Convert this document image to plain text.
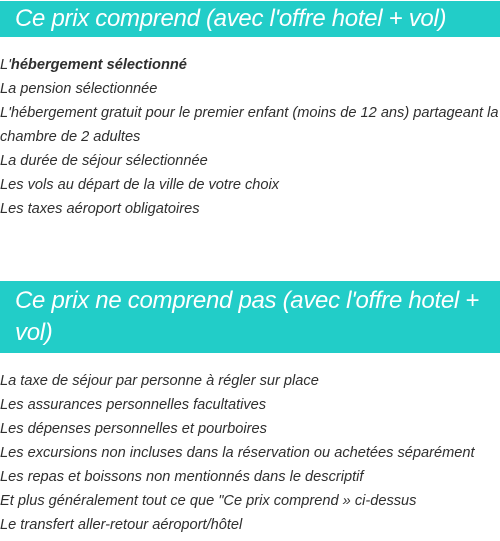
Ce prix comprend (avec l'offre hotel + vol)
L'hébergement sélectionné
La pension sélectionnée
L'hébergement gratuit pour le premier enfant (moins de 12 ans) partageant la chambre de 2 adultes
La durée de séjour sélectionnée
Les vols au départ de la ville de votre choix
Les taxes aéroport obligatoires
Ce prix ne comprend pas (avec l'offre hotel + vol)
La taxe de séjour par personne à régler sur place
Les assurances personnelles facultatives
Les dépenses personnelles et pourboires
Les excursions non incluses dans la réservation ou achetées séparément
Les repas et boissons non mentionnés dans le descriptif
Et plus généralement tout ce que "Ce prix comprend » ci-dessus
Le transfert aller-retour aéroport/hôtel
